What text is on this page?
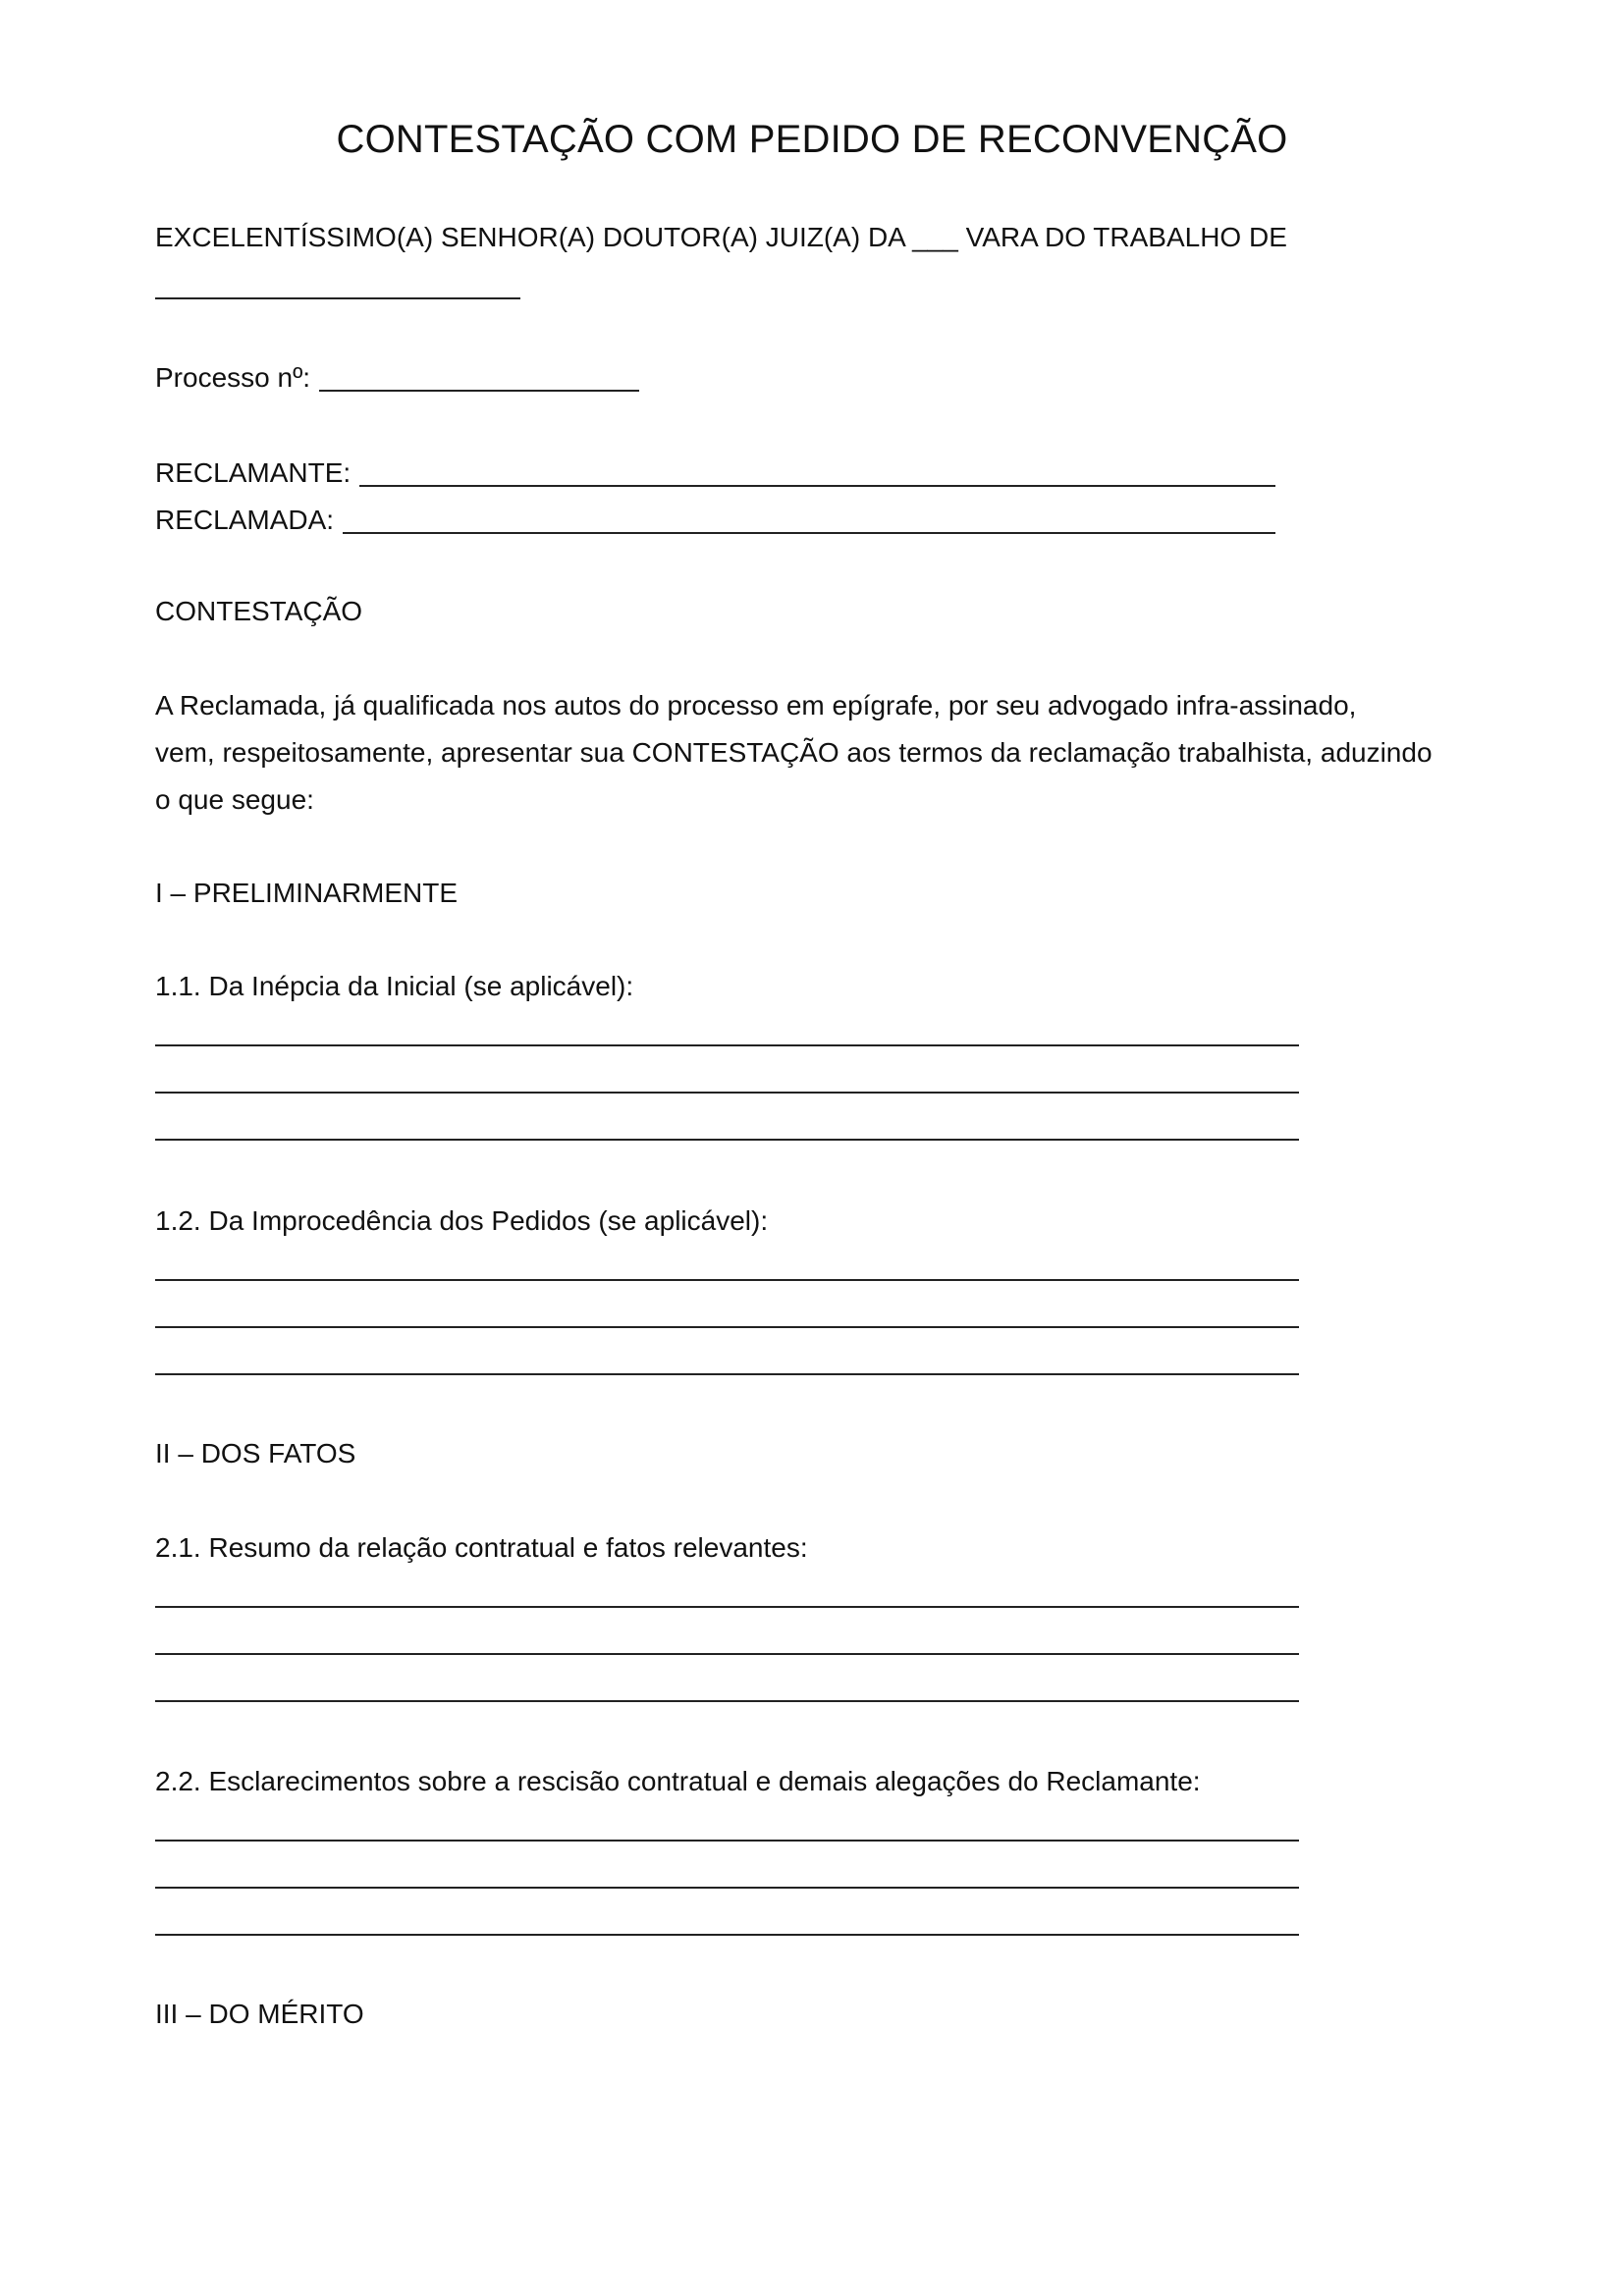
CONTESTAÇÃO COM PEDIDO DE RECONVENÇÃO
EXCELENTÍSSIMO(A) SENHOR(A) DOUTOR(A) JUIZ(A) DA ___ VARA DO TRABALHO DE
Processo nº:
RECLAMANTE:
RECLAMADA:
CONTESTAÇÃO
A Reclamada, já qualificada nos autos do processo em epígrafe, por seu advogado infra-assinado,
vem, respeitosamente, apresentar sua CONTESTAÇÃO aos termos da reclamação trabalhista, aduzindo
o que segue:
I – PRELIMINARMENTE
1.1. Da Inépcia da Inicial (se aplicável):
1.2. Da Improcedência dos Pedidos (se aplicável):
II – DOS FATOS
2.1. Resumo da relação contratual e fatos relevantes:
2.2. Esclarecimentos sobre a rescisão contratual e demais alegações do Reclamante:
III – DO MÉRITO
